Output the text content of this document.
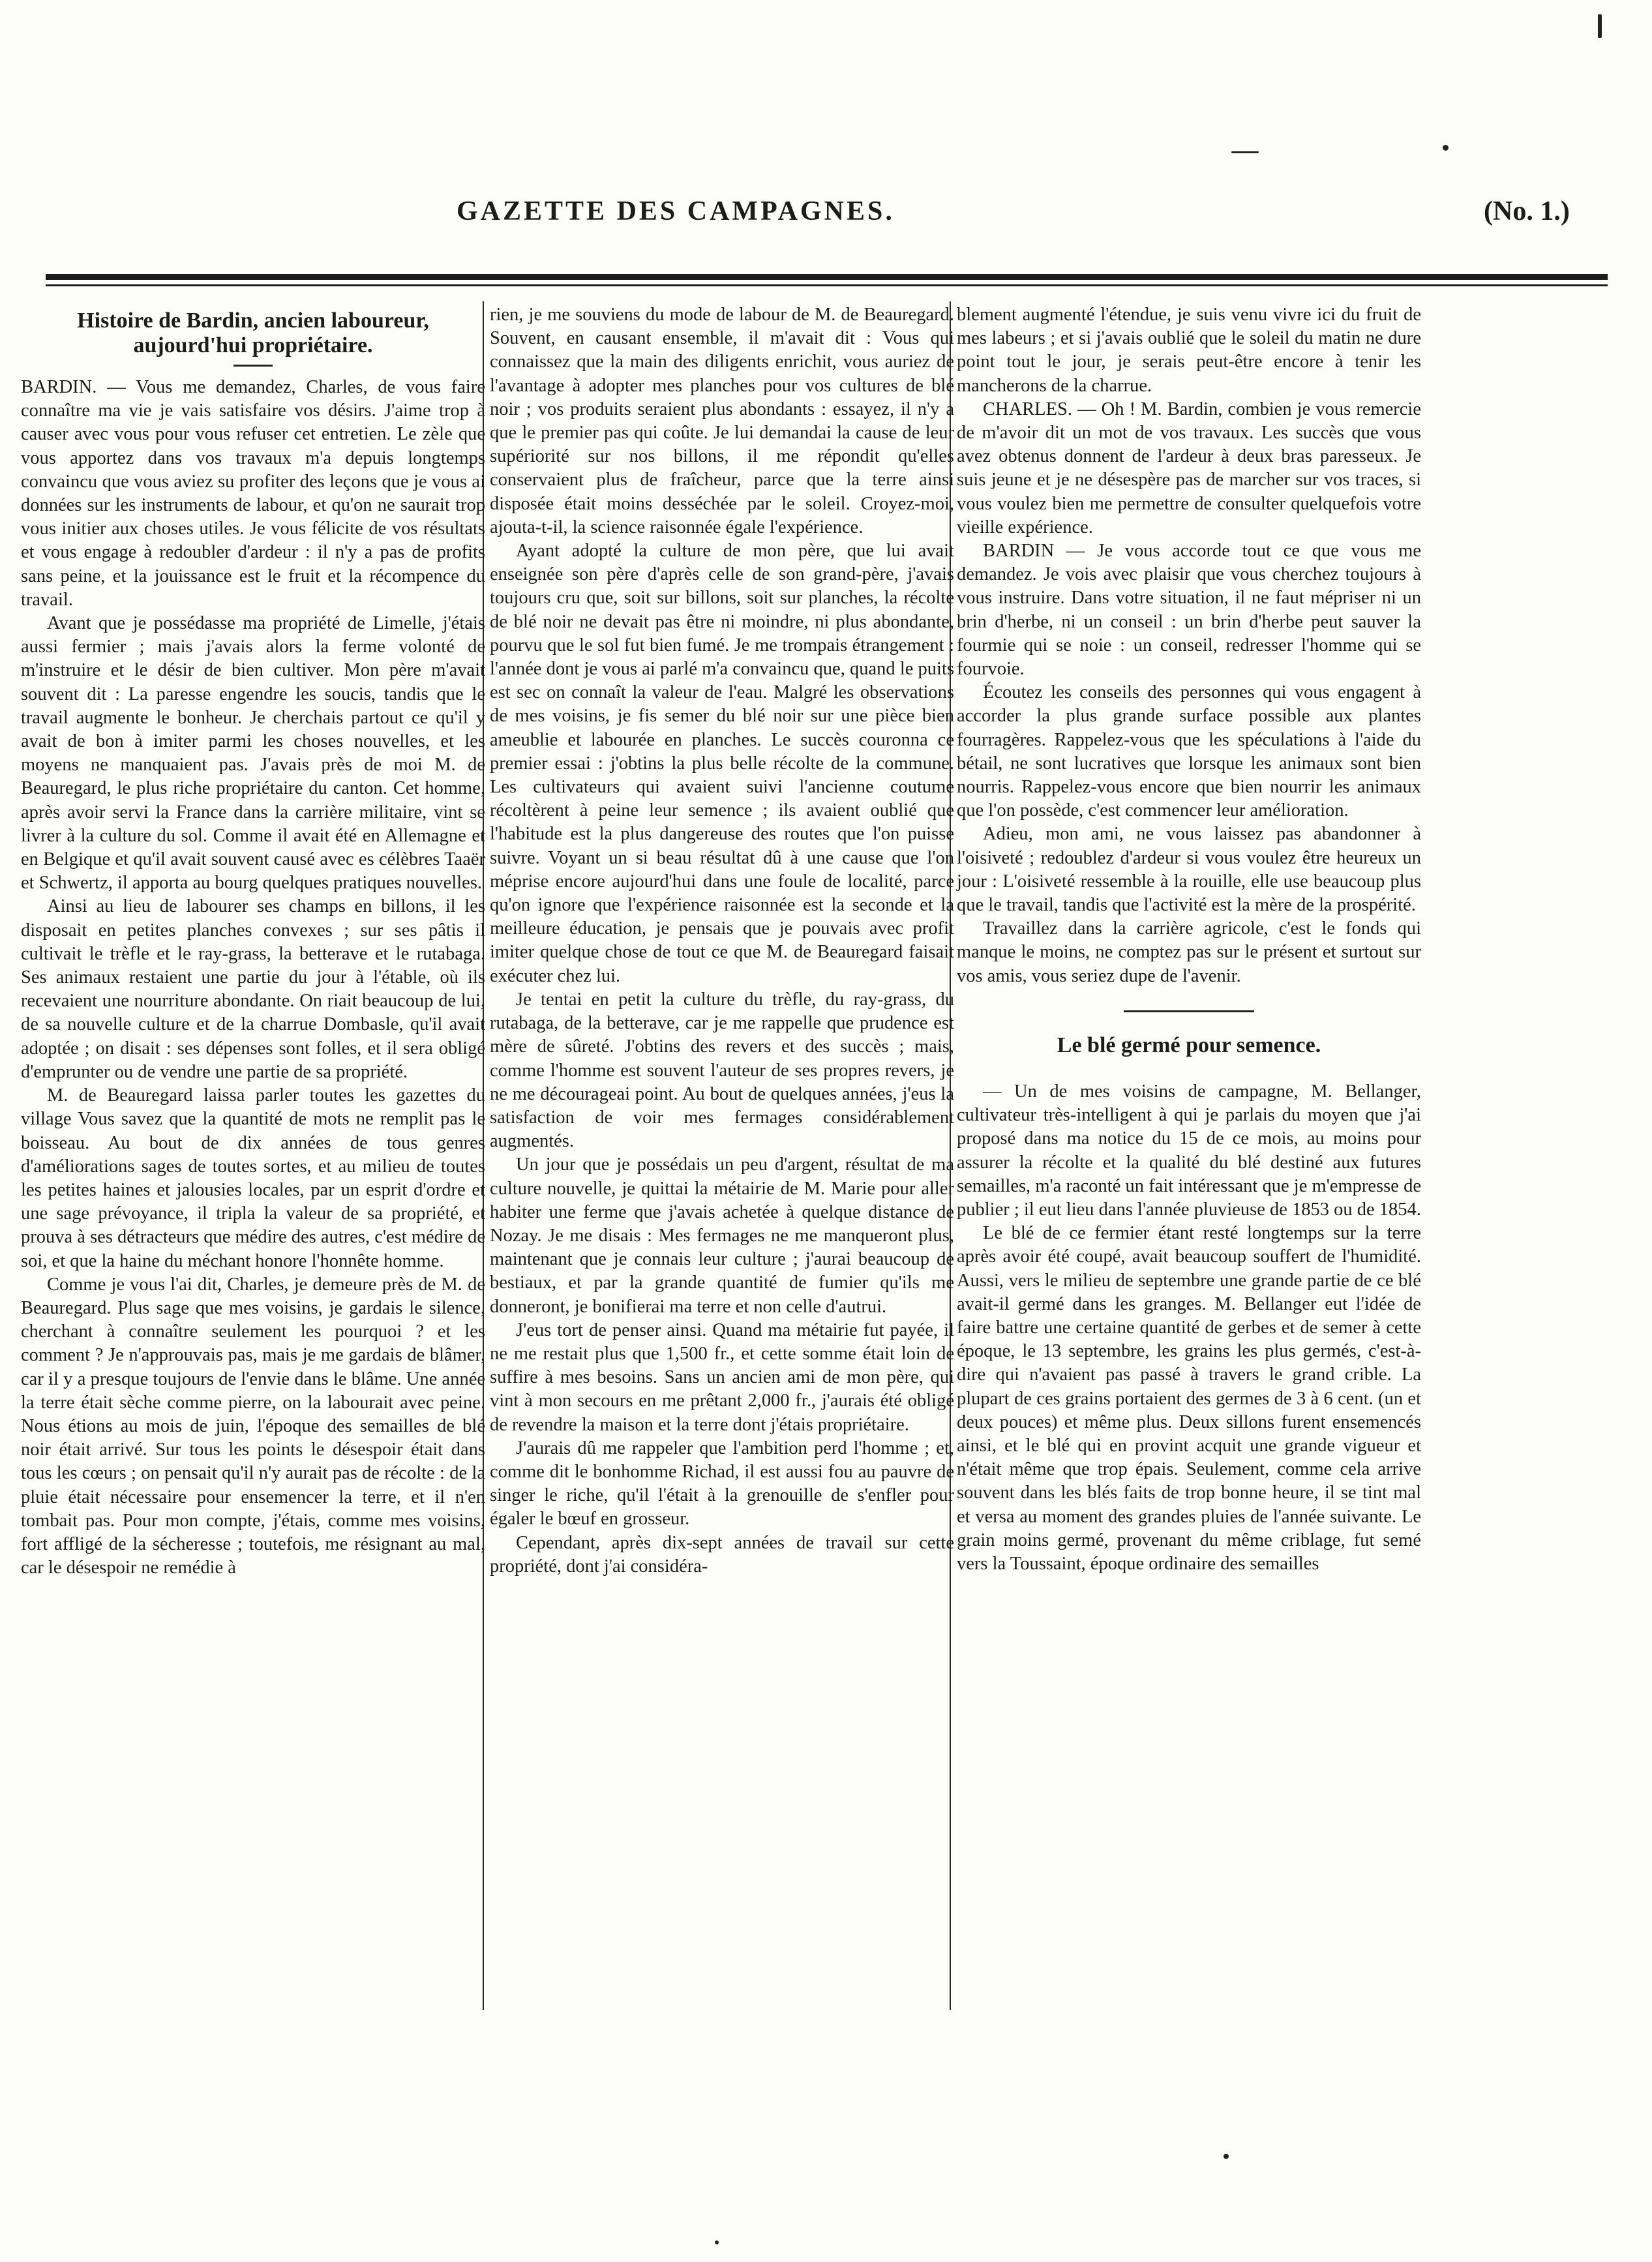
GAZETTE DES CAMPAGNES.	(No. 1.)
Histoire de Bardin, ancien laboureur, aujourd'hui propriétaire.

BARDIN. — Vous me demandez, Charles, de vous faire connaître ma vie je vais satisfaire vos désirs. J'aime trop à causer avec vous pour vous refuser cet entretien. Le zèle que vous apportez dans vos travaux m'a depuis longtemps convaincu que vous aviez su profiter des leçons que je vous ai données sur les instruments de labour, et qu'on ne saurait trop vous initier aux choses utiles. Je vous félicite de vos résultats et vous engage à redoubler d'ardeur : il n'y a pas de profits sans peine, et la jouissance est le fruit et la récompence du travail.

Avant que je possédasse ma propriété de Limelle, j'étais aussi fermier ; mais j'avais alors la ferme volonté de m'instruire et le désir de bien cultiver. Mon père m'avait souvent dit : La paresse engendre les soucis, tandis que le travail augmente le bonheur. Je cherchais partout ce qu'il y avait de bon à imiter parmi les choses nouvelles, et les moyens ne manquaient pas. J'avais près de moi M. de Beauregard, le plus riche propriétaire du canton. Cet homme, après avoir servi la France dans la carrière militaire, vint se livrer à la culture du sol. Comme il avait été en Allemagne et en Belgique et qu'il avait souvent causé avec es célèbres Taaër et Schwertz, il apporta au bourg quelques pratiques nouvelles.

Ainsi au lieu de labourer ses champs en billons, il les disposait en petites planches convexes ; sur ses pâtis il cultivait le trèfle et le ray-grass, la betterave et le rutabaga. Ses animaux restaient une partie du jour à l'étable, où ils recevaient une nourriture abondante. On riait beaucoup de lui, de sa nouvelle culture et de la charrue Dombasle, qu'il avait adoptée ; on disait : ses dépenses sont folles, et il sera obligé d'emprunter ou de vendre une partie de sa propriété.

M. de Beauregard laissa parler toutes les gazettes du village Vous savez que la quantité de mots ne remplit pas le boisseau. Au bout de dix années de tous genres d'améliorations sages de toutes sortes, et au milieu de toutes les petites haines et jalousies locales, par un esprit d'ordre et une sage prévoyance, il tripla la valeur de sa propriété, et prouva à ses détracteurs que médire des autres, c'est médire de soi, et que la haine du méchant honore l'honnête homme.

Comme je vous l'ai dit, Charles, je demeure près de M. de Beauregard. Plus sage que mes voisins, je gardais le silence, cherchant à connaître seulement les pourquoi ? et les comment ? Je n'approuvais pas, mais je me gardais de blâmer, car il y a presque toujours de l'envie dans le blâme. Une année la terre était sèche comme pierre, on la labourait avec peine. Nous étions au mois de juin, l'époque des semailles de blé noir était arrivé. Sur tous les points le désespoir était dans tous les cœurs ; on pensait qu'il n'y aurait pas de récolte : de la pluie était nécessaire pour ensemencer la terre, et il n'en tombait pas. Pour mon compte, j'étais, comme mes voisins, fort affligé de la sécheresse ; toutefois, me résignant au mal, car le désespoir ne remédie à

rien, je me souviens du mode de labour de M. de Beauregard. Souvent, en causant ensemble, il m'avait dit : Vous qui connaissez que la main des diligents enrichit, vous auriez de l'avantage à adopter mes planches pour vos cultures de blé noir ; vos produits seraient plus abondants : essayez, il n'y a que le premier pas qui coûte. Je lui demandai la cause de leur supériorité sur nos billons, il me répondit qu'elles conservaient plus de fraîcheur, parce que la terre ainsi disposée était moins desséchée par le soleil. Croyez-moi, ajouta-t-il, la science raisonnée égale l'expérience.

Ayant adopté la culture de mon père, que lui avait enseignée son père d'après celle de son grand-père, j'avais toujours cru que, soit sur billons, soit sur planches, la récolte de blé noir ne devait pas être ni moindre, ni plus abondante, pourvu que le sol fut bien fumé. Je me trompais étrangement : l'année dont je vous ai parlé m'a convaincu que, quand le puits est sec on connaît la valeur de l'eau. Malgré les observations de mes voisins, je fis semer du blé noir sur une pièce bien ameublie et labourée en planches. Le succès couronna ce premier essai : j'obtins la plus belle récolte de la commune. Les cultivateurs qui avaient suivi l'ancienne coutume récoltèrent à peine leur semence ; ils avaient oublié que l'habitude est la plus dangereuse des routes que l'on puisse suivre. Voyant un si beau résultat dû à une cause que l'on méprise encore aujourd'hui dans une foule de localité, parce qu'on ignore que l'expérience raisonnée est la seconde et la meilleure éducation, je pensais que je pouvais avec profit imiter quelque chose de tout ce que M. de Beauregard faisait exécuter chez lui.

Je tentai en petit la culture du trèfle, du ray-grass, du rutabaga, de la betterave, car je me rappelle que prudence est mère de sûreté. J'obtins des revers et des succès ; mais, comme l'homme est souvent l'auteur de ses propres revers, je ne me décourageai point. Au bout de quelques années, j'eus la satisfaction de voir mes fermages considérablement augmentés.

Un jour que je possédais un peu d'argent, résultat de ma culture nouvelle, je quittai la métairie de M. Marie pour aller habiter une ferme que j'avais achetée à quelque distance de Nozay. Je me disais : Mes fermages ne me manqueront plus, maintenant que je connais leur culture ; j'aurai beaucoup de bestiaux, et par la grande quantité de fumier qu'ils me donneront, je bonifierai ma terre et non celle d'autrui.

J'eus tort de penser ainsi. Quand ma métairie fut payée, il ne me restait plus que 1,500 fr., et cette somme était loin de suffire à mes besoins. Sans un ancien ami de mon père, qui vint à mon secours en me prêtant 2,000 fr., j'aurais été obligé de revendre la maison et la terre dont j'étais propriétaire.

J'aurais dû me rappeler que l'ambition perd l'homme ; et, comme dit le bonhomme Richad, il est aussi fou au pauvre de singer le riche, qu'il l'était à la grenouille de s'enfler pour égaler le bœuf en grosseur.

Cependant, après dix-sept années de travail sur cette propriété, dont j'ai considéra-

blement augmenté l'étendue, je suis venu vivre ici du fruit de mes labeurs ; et si j'avais oublié que le soleil du matin ne dure point tout le jour, je serais peut-être encore à tenir les mancherons de la charrue.

CHARLES. — Oh ! M. Bardin, combien je vous remercie de m'avoir dit un mot de vos travaux. Les succès que vous avez obtenus donnent de l'ardeur à deux bras paresseux. Je suis jeune et je ne désespère pas de marcher sur vos traces, si vous voulez bien me permettre de consulter quelquefois votre vieille expérience.

BARDIN — Je vous accorde tout ce que vous me demandez. Je vois avec plaisir que vous cherchez toujours à vous instruire. Dans votre situation, il ne faut mépriser ni un brin d'herbe, ni un conseil : un brin d'herbe peut sauver la fourmie qui se noie : un conseil, redresser l'homme qui se fourvoie.

Écoutez les conseils des personnes qui vous engagent à accorder la plus grande surface possible aux plantes fourragères. Rappelez-vous que les spéculations à l'aide du bétail, ne sont lucratives que lorsque les animaux sont bien nourris. Rappelez-vous encore que bien nourrir les animaux que l'on possède, c'est commencer leur amélioration.

Adieu, mon ami, ne vous laissez pas abandonner à l'oisiveté ; redoublez d'ardeur si vous voulez être heureux un jour : L'oisiveté ressemble à la rouille, elle use beaucoup plus que le travail, tandis que l'activité est la mère de la prospérité.

Travaillez dans la carrière agricole, c'est le fonds qui manque le moins, ne comptez pas sur le présent et surtout sur vos amis, vous seriez dupe de l'avenir.

Le blé germé pour semence.

— Un de mes voisins de campagne, M. Bellanger, cultivateur très-intelligent à qui je parlais du moyen que j'ai proposé dans ma notice du 15 de ce mois, au moins pour assurer la récolte et la qualité du blé destiné aux futures semailles, m'a raconté un fait intéressant que je m'empresse de publier ; il eut lieu dans l'année pluvieuse de 1853 ou de 1854.

Le blé de ce fermier étant resté longtemps sur la terre après avoir été coupé, avait beaucoup souffert de l'humidité. Aussi, vers le milieu de septembre une grande partie de ce blé avait-il germé dans les granges. M. Bellanger eut l'idée de faire battre une certaine quantité de gerbes et de semer à cette époque, le 13 septembre, les grains les plus germés, c'est-à-dire qui n'avaient pas passé à travers le grand crible. La plupart de ces grains portaient des germes de 3 à 6 cent. (un et deux pouces) et même plus. Deux sillons furent ensemencés ainsi, et le blé qui en provint acquit une grande vigueur et n'était même que trop épais. Seulement, comme cela arrive souvent dans les blés faits de trop bonne heure, il se tint mal et versa au moment des grandes pluies de l'année suivante. Le grain moins germé, provenant du même criblage, fut semé vers la Toussaint, époque ordinaire des semailles
